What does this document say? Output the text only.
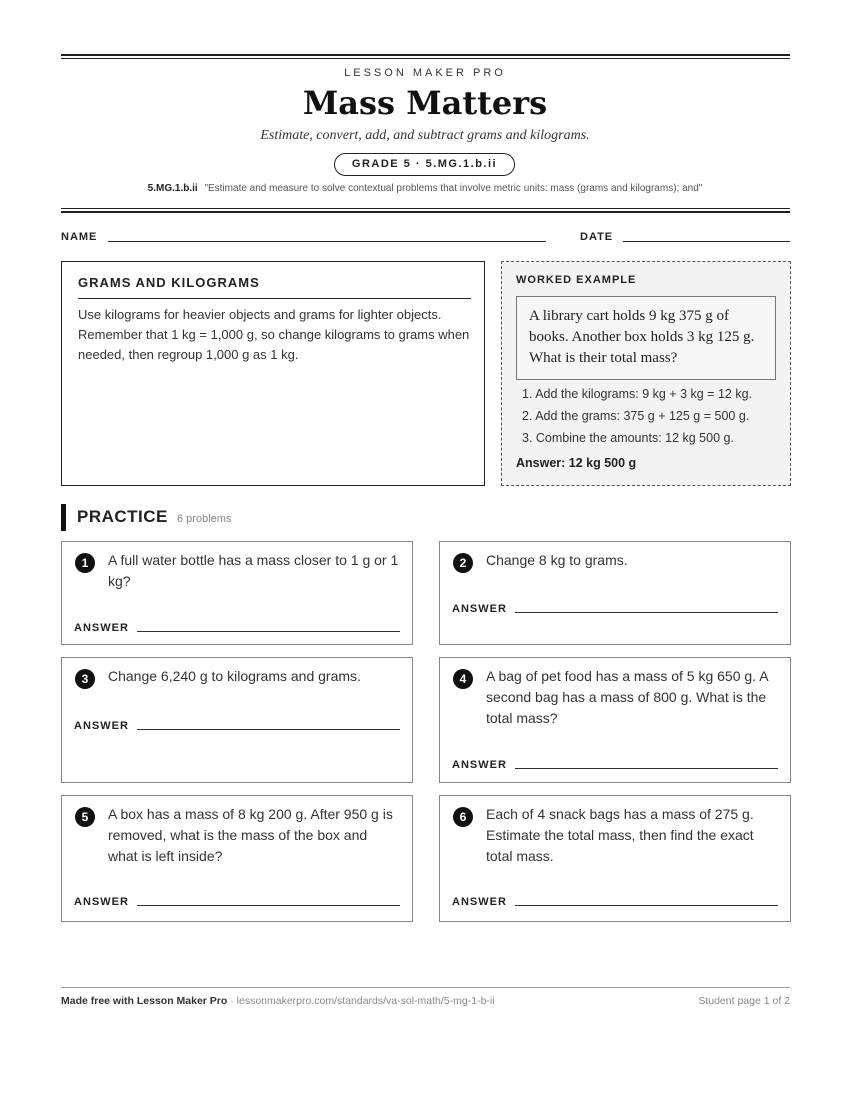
LESSON MAKER PRO
Mass Matters
Estimate, convert, add, and subtract grams and kilograms.
GRADE 5 · 5.MG.1.b.ii
5.MG.1.b.ii "Estimate and measure to solve contextual problems that involve metric units: mass (grams and kilograms); and"
NAME	DATE
GRAMS AND KILOGRAMS
Use kilograms for heavier objects and grams for lighter objects. Remember that 1 kg = 1,000 g, so change kilograms to grams when needed, then regroup 1,000 g as 1 kg.
WORKED EXAMPLE
A library cart holds 9 kg 375 g of books. Another box holds 3 kg 125 g. What is their total mass?
1. Add the kilograms: 9 kg + 3 kg = 12 kg.
2. Add the grams: 375 g + 125 g = 500 g.
3. Combine the amounts: 12 kg 500 g.
Answer: 12 kg 500 g
PRACTICE 6 problems
1	A full water bottle has a mass closer to 1 g or 1 kg?
ANSWER
2	Change 8 kg to grams.
ANSWER
3	Change 6,240 g to kilograms and grams.
ANSWER
4	A bag of pet food has a mass of 5 kg 650 g. A second bag has a mass of 800 g. What is the total mass?
ANSWER
5	A box has a mass of 8 kg 200 g. After 950 g is removed, what is the mass of the box and what is left inside?
ANSWER
6	Each of 4 snack bags has a mass of 275 g. Estimate the total mass, then find the exact total mass.
ANSWER
Made free with Lesson Maker Pro · lessonmakerpro.com/standards/va-sol-math/5-mg-1-b-ii	Student page 1 of 2
